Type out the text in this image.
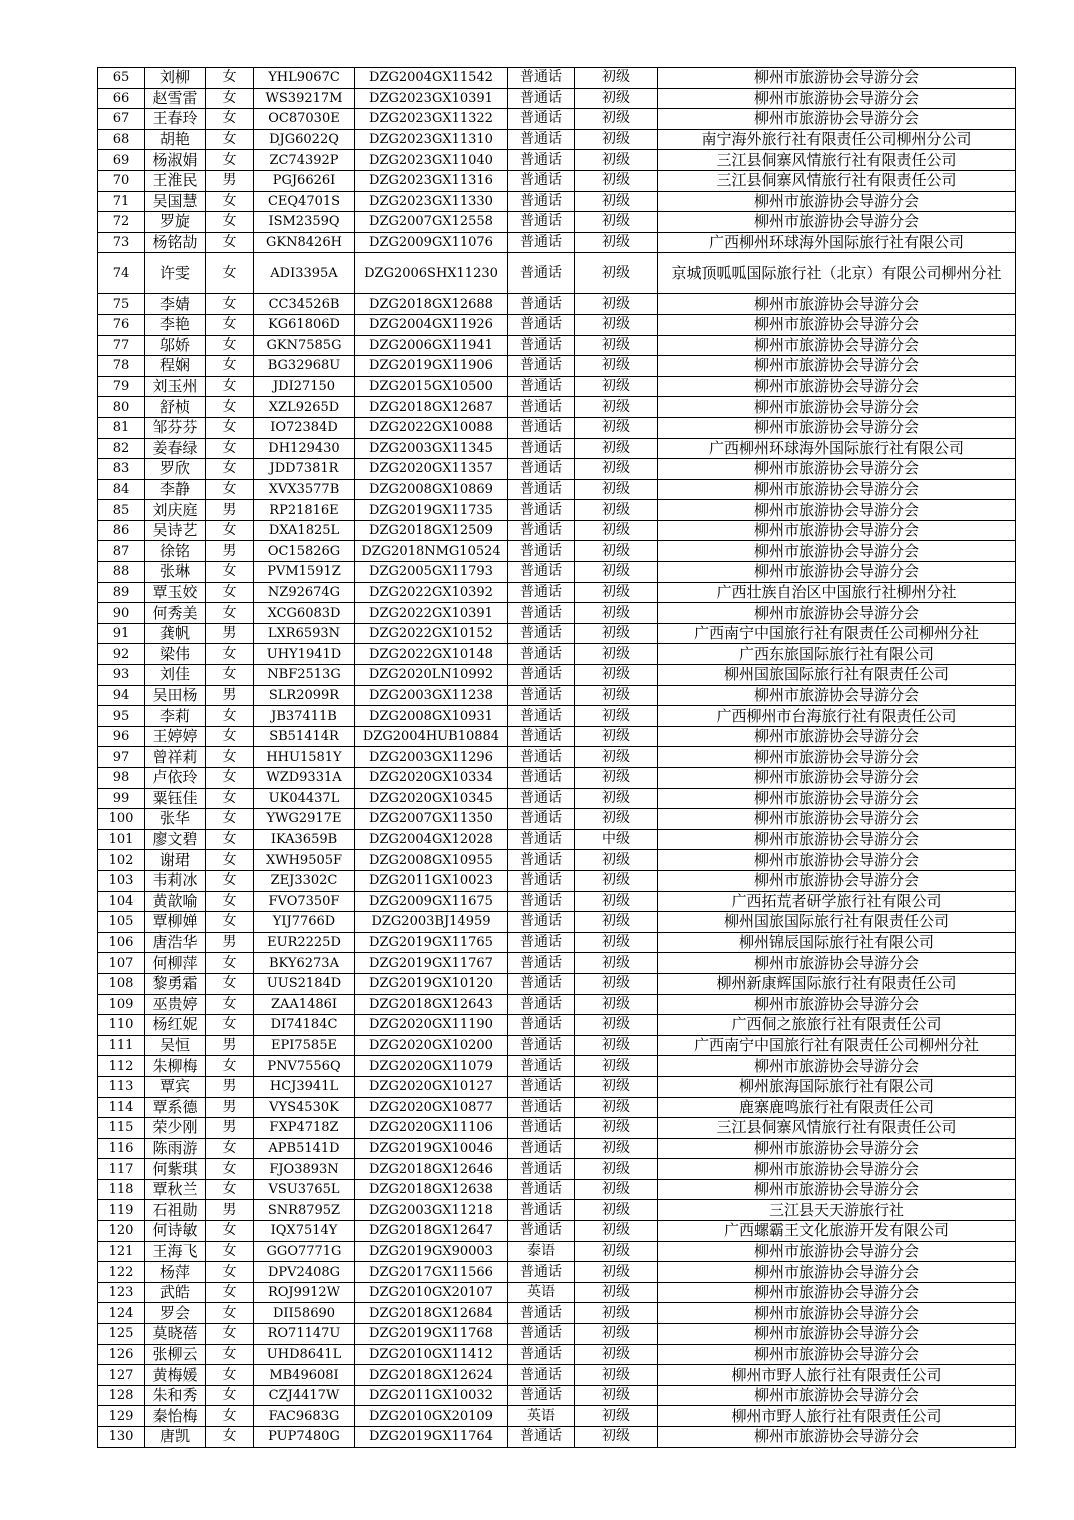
65	刘柳	女	YHL9067C	DZG2004GX11542	普通话	初级	柳州市旅游协会导游分会
66	赵雪雷	女	WS39217M	DZG2023GX10391	普通话	初级	柳州市旅游协会导游分会
67	王春玲	女	OC87030E	DZG2023GX11322	普通话	初级	柳州市旅游协会导游分会
68	胡艳	女	DJG6022Q	DZG2023GX11310	普通话	初级	南宁海外旅行社有限责任公司柳州分公司
69	杨淑娟	女	ZC74392P	DZG2023GX11040	普通话	初级	三江县侗寨风情旅行社有限责任公司
70	王淮民	男	PGJ6626I	DZG2023GX11316	普通话	初级	三江县侗寨风情旅行社有限责任公司
71	吴国慧	女	CEQ4701S	DZG2023GX11330	普通话	初级	柳州市旅游协会导游分会
72	罗旋	女	ISM2359Q	DZG2007GX12558	普通话	初级	柳州市旅游协会导游分会
73	杨铭劼	女	GKN8426H	DZG2009GX11076	普通话	初级	广西柳州环球海外国际旅行社有限公司
74	许雯	女	ADI3395A	DZG2006SHX11230	普通话	初级	京城顶呱呱国际旅行社（北京）有限公司柳州分社
75	李婧	女	CC34526B	DZG2018GX12688	普通话	初级	柳州市旅游协会导游分会
76	李艳	女	KG61806D	DZG2004GX11926	普通话	初级	柳州市旅游协会导游分会
77	邬娇	女	GKN7585G	DZG2006GX11941	普通话	初级	柳州市旅游协会导游分会
78	程娴	女	BG32968U	DZG2019GX11906	普通话	初级	柳州市旅游协会导游分会
79	刘玉州	女	JDI27150	DZG2015GX10500	普通话	初级	柳州市旅游协会导游分会
80	舒桢	女	XZL9265D	DZG2018GX12687	普通话	初级	柳州市旅游协会导游分会
81	邹芬芬	女	IO72384D	DZG2022GX10088	普通话	初级	柳州市旅游协会导游分会
82	姜春绿	女	DH129430	DZG2003GX11345	普通话	初级	广西柳州环球海外国际旅行社有限公司
83	罗欣	女	JDD7381R	DZG2020GX11357	普通话	初级	柳州市旅游协会导游分会
84	李静	女	XVX3577B	DZG2008GX10869	普通话	初级	柳州市旅游协会导游分会
85	刘庆庭	男	RP21816E	DZG2019GX11735	普通话	初级	柳州市旅游协会导游分会
86	吴诗艺	女	DXA1825L	DZG2018GX12509	普通话	初级	柳州市旅游协会导游分会
87	徐铭	男	OC15826G	DZG2018NMG10524	普通话	初级	柳州市旅游协会导游分会
88	张琳	女	PVM1591Z	DZG2005GX11793	普通话	初级	柳州市旅游协会导游分会
89	覃玉姣	女	NZ92674G	DZG2022GX10392	普通话	初级	广西壮族自治区中国旅行社柳州分社
90	何秀美	女	XCG6083D	DZG2022GX10391	普通话	初级	柳州市旅游协会导游分会
91	龚帆	男	LXR6593N	DZG2022GX10152	普通话	初级	广西南宁中国旅行社有限责任公司柳州分社
92	梁伟	女	UHY1941D	DZG2022GX10148	普通话	初级	广西东旅国际旅行社有限公司
93	刘佳	女	NBF2513G	DZG2020LN10992	普通话	初级	柳州国旅国际旅行社有限责任公司
94	吴田杨	男	SLR2099R	DZG2003GX11238	普通话	初级	柳州市旅游协会导游分会
95	李莉	女	JB37411B	DZG2008GX10931	普通话	初级	广西柳州市台海旅行社有限责任公司
96	王婷婷	女	SB51414R	DZG2004HUB10884	普通话	初级	柳州市旅游协会导游分会
97	曾祥莉	女	HHU1581Y	DZG2003GX11296	普通话	初级	柳州市旅游协会导游分会
98	卢依玲	女	WZD9331A	DZG2020GX10334	普通话	初级	柳州市旅游协会导游分会
99	粟钰佳	女	UK04437L	DZG2020GX10345	普通话	初级	柳州市旅游协会导游分会
100	张华	女	YWG2917E	DZG2007GX11350	普通话	初级	柳州市旅游协会导游分会
101	廖文碧	女	IKA3659B	DZG2004GX12028	普通话	中级	柳州市旅游协会导游分会
102	谢珺	女	XWH9505F	DZG2008GX10955	普通话	初级	柳州市旅游协会导游分会
103	韦莉冰	女	ZEJ3302C	DZG2011GX10023	普通话	初级	柳州市旅游协会导游分会
104	黄歆喻	女	FVO7350F	DZG2009GX11675	普通话	初级	广西拓荒者研学旅行社有限公司
105	覃柳婵	女	YIJ7766D	DZG2003BJ14959	普通话	初级	柳州国旅国际旅行社有限责任公司
106	唐浩华	男	EUR2225D	DZG2019GX11765	普通话	初级	柳州锦辰国际旅行社有限公司
107	何柳萍	女	BKY6273A	DZG2019GX11767	普通话	初级	柳州市旅游协会导游分会
108	黎勇霜	女	UUS2184D	DZG2019GX10120	普通话	初级	柳州新康辉国际旅行社有限责任公司
109	巫贵婷	女	ZAA1486I	DZG2018GX12643	普通话	初级	柳州市旅游协会导游分会
110	杨红妮	女	DI74184C	DZG2020GX11190	普通话	初级	广西侗之旅旅行社有限责任公司
111	吴恒	男	EPI7585E	DZG2020GX10200	普通话	初级	广西南宁中国旅行社有限责任公司柳州分社
112	朱柳梅	女	PNV7556Q	DZG2020GX11079	普通话	初级	柳州市旅游协会导游分会
113	覃宾	男	HCJ3941L	DZG2020GX10127	普通话	初级	柳州旅海国际旅行社有限公司
114	覃系德	男	VYS4530K	DZG2020GX10877	普通话	初级	鹿寨鹿鸣旅行社有限责任公司
115	荣少刚	男	FXP4718Z	DZG2020GX11106	普通话	初级	三江县侗寨风情旅行社有限责任公司
116	陈雨游	女	APB5141D	DZG2019GX10046	普通话	初级	柳州市旅游协会导游分会
117	何紫琪	女	FJO3893N	DZG2018GX12646	普通话	初级	柳州市旅游协会导游分会
118	覃秋兰	女	VSU3765L	DZG2018GX12638	普通话	初级	柳州市旅游协会导游分会
119	石祖勋	男	SNR8795Z	DZG2003GX11218	普通话	初级	三江县天天游旅行社
120	何诗敏	女	IQX7514Y	DZG2018GX12647	普通话	初级	广西螺霸王文化旅游开发有限公司
121	王海飞	女	GGO7771G	DZG2019GX90003	泰语	初级	柳州市旅游协会导游分会
122	杨萍	女	DPV2408G	DZG2017GX11566	普通话	初级	柳州市旅游协会导游分会
123	武皓	女	ROJ9912W	DZG2010GX20107	英语	初级	柳州市旅游协会导游分会
124	罗会	女	DII58690	DZG2018GX12684	普通话	初级	柳州市旅游协会导游分会
125	莫晓蓓	女	RO71147U	DZG2019GX11768	普通话	初级	柳州市旅游协会导游分会
126	张柳云	女	UHD8641L	DZG2010GX11412	普通话	初级	柳州市旅游协会导游分会
127	黄梅媛	女	MB49608I	DZG2018GX12624	普通话	初级	柳州市野人旅行社有限责任公司
128	朱和秀	女	CZJ4417W	DZG2011GX10032	普通话	初级	柳州市旅游协会导游分会
129	秦怡梅	女	FAC9683G	DZG2010GX20109	英语	初级	柳州市野人旅行社有限责任公司
130	唐凯	女	PUP7480G	DZG2019GX11764	普通话	初级	柳州市旅游协会导游分会
